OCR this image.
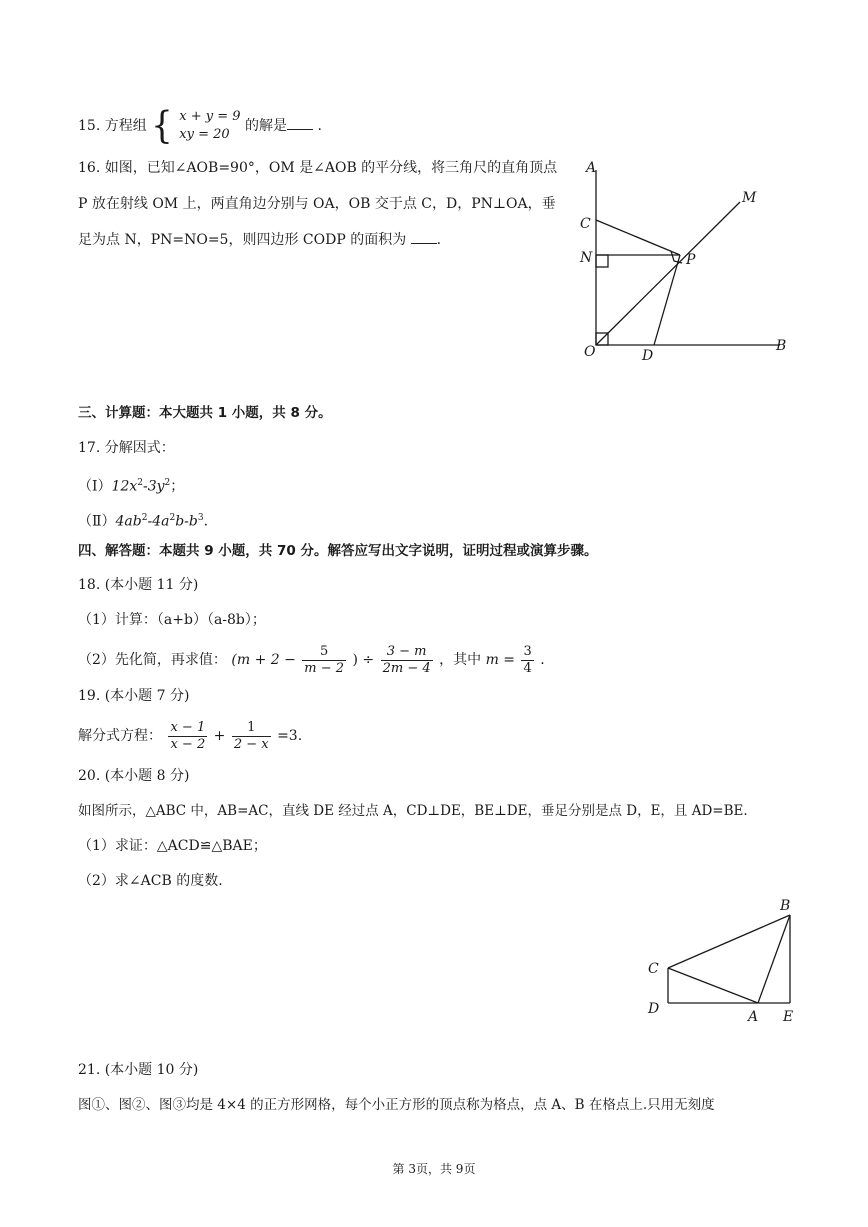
15. 方程组 { x + y = 9
xy = 20
的解是 .
16. 如图，已知∠AOB=90°，OM 是∠AOB 的平分线，将三角尺的直角顶点
P 放在射线 OM 上，两直角边分别与 OA，OB 交于点 C，D，PN⊥OA，垂
足为点 N，PN=NO=5，则四边形 CODP 的面积为 .
A
M
C
N	P
O	D
B
三、计算题：本大题共 1 小题，共 8 分。
17. 分解因式：
$(Ⅰ)12x^2-3y^2$；
$(Ⅱ)4ab^2-4a^2b-b^3$.
四、解答题：本题共 9 小题，共 70 分。解答应写出文字说明，证明过程或演算步骤。
18. (本小题 11 分)
（1）计算：（a+b）（a-8b）；
（2）先化简，再求值： ($m + 2 - \frac{5}{m - 2}$ ) ÷ $\frac{3 - m}{2m - 4}$ ，其中 $m = \frac{3}{4}$ .
19. (本小题 7 分)
解分式方程： $\frac{x - 1}{x - 2} + \frac{1}{2 - x} =3$.
20. (本小题 8 分)
如图所示，△ABC 中，AB=AC，直线 DE 经过点 A，CD⊥DE，BE⊥DE，垂足分别是点 D，E，且 AD=BE.
（1）求证：△ACD≌△BAE；
（2）求∠ACB 的度数.
B
C
D	A E
21. (本小题 10 分)
图①、图②、图③均是 4×4 的正方形网格，每个小正方形的顶点称为格点，点 A、B 在格点上.只用无刻度
第 3页，共 9页
